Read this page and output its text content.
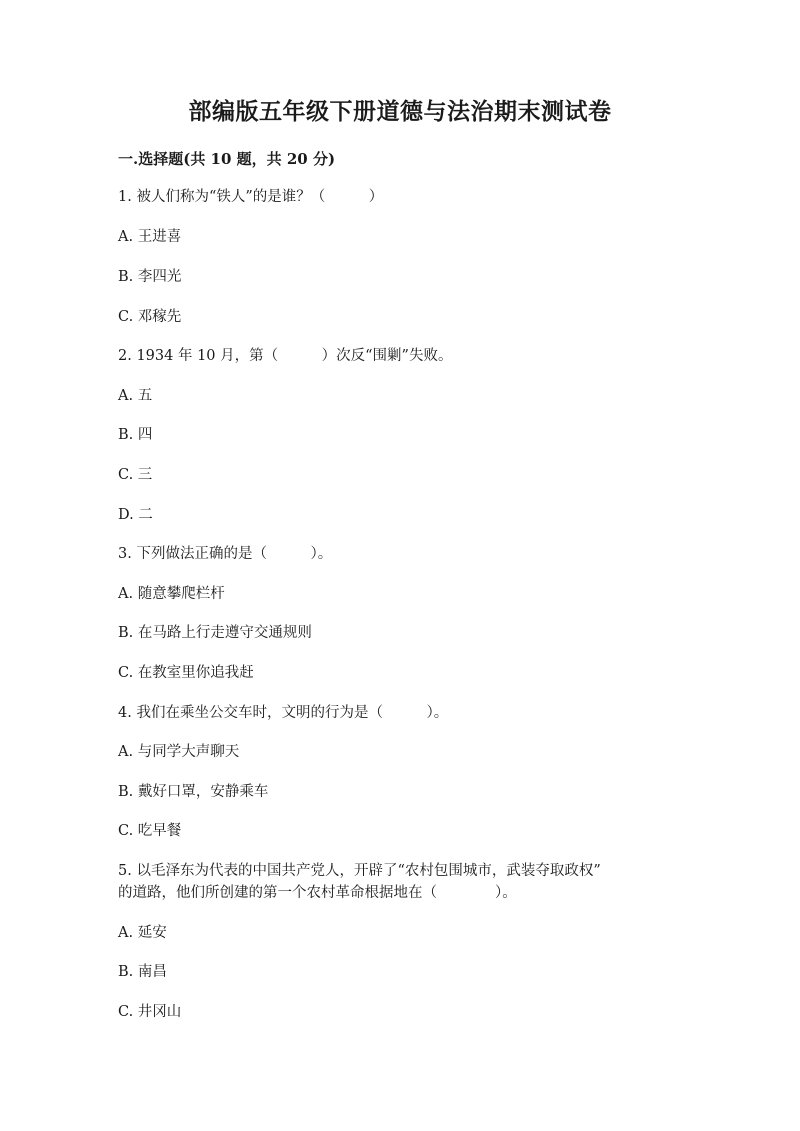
部编版五年级下册道德与法治期末测试卷
一.选择题(共 10 题，共 20 分)
1. 被人们称为“铁人”的是谁？（　　　）
A. 王进喜
B. 李四光
C. 邓稼先
2. 1934 年 10 月，第（　　　）次反“围剿”失败。
A. 五
B. 四
C. 三
D. 二
3. 下列做法正确的是（　　　）。
A. 随意攀爬栏杆
B. 在马路上行走遵守交通规则
C. 在教室里你追我赶
4. 我们在乘坐公交车时，文明的行为是（　　　）。
A. 与同学大声聊天
B. 戴好口罩，安静乘车
C. 吃早餐
5. 以毛泽东为代表的中国共产党人，开辟了“农村包围城市，武装夺取政权”
的道路，他们所创建的第一个农村革命根据地在（　　　　）。
A. 延安
B. 南昌
C. 井冈山
